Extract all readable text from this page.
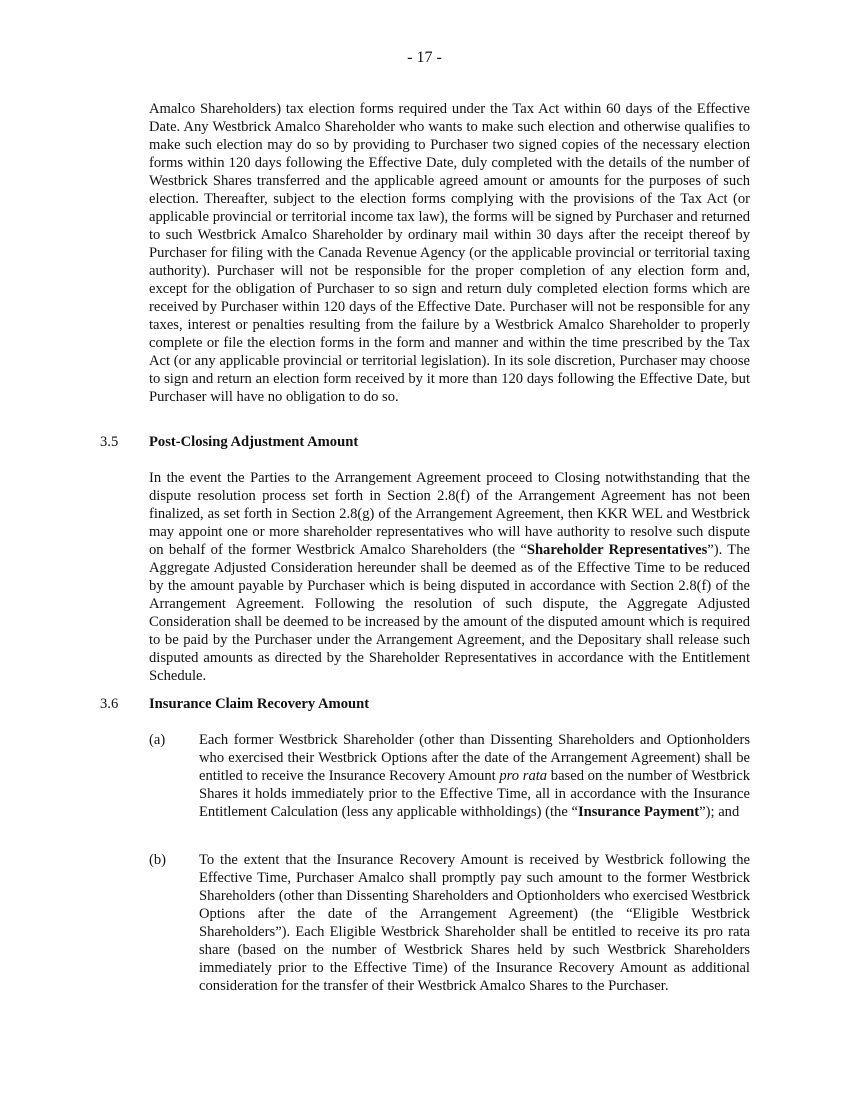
- 17 -
Amalco Shareholders) tax election forms required under the Tax Act within 60 days of the Effective Date. Any Westbrick Amalco Shareholder who wants to make such election and otherwise qualifies to make such election may do so by providing to Purchaser two signed copies of the necessary election forms within 120 days following the Effective Date, duly completed with the details of the number of Westbrick Shares transferred and the applicable agreed amount or amounts for the purposes of such election. Thereafter, subject to the election forms complying with the provisions of the Tax Act (or applicable provincial or territorial income tax law), the forms will be signed by Purchaser and returned to such Westbrick Amalco Shareholder by ordinary mail within 30 days after the receipt thereof by Purchaser for filing with the Canada Revenue Agency (or the applicable provincial or territorial taxing authority). Purchaser will not be responsible for the proper completion of any election form and, except for the obligation of Purchaser to so sign and return duly completed election forms which are received by Purchaser within 120 days of the Effective Date. Purchaser will not be responsible for any taxes, interest or penalties resulting from the failure by a Westbrick Amalco Shareholder to properly complete or file the election forms in the form and manner and within the time prescribed by the Tax Act (or any applicable provincial or territorial legislation). In its sole discretion, Purchaser may choose to sign and return an election form received by it more than 120 days following the Effective Date, but Purchaser will have no obligation to do so.
3.5 Post-Closing Adjustment Amount
In the event the Parties to the Arrangement Agreement proceed to Closing notwithstanding that the dispute resolution process set forth in Section 2.8(f) of the Arrangement Agreement has not been finalized, as set forth in Section 2.8(g) of the Arrangement Agreement, then KKR WEL and Westbrick may appoint one or more shareholder representatives who will have authority to resolve such dispute on behalf of the former Westbrick Amalco Shareholders (the “Shareholder Representatives”). The Aggregate Adjusted Consideration hereunder shall be deemed as of the Effective Time to be reduced by the amount payable by Purchaser which is being disputed in accordance with Section 2.8(f) of the Arrangement Agreement. Following the resolution of such dispute, the Aggregate Adjusted Consideration shall be deemed to be increased by the amount of the disputed amount which is required to be paid by the Purchaser under the Arrangement Agreement, and the Depositary shall release such disputed amounts as directed by the Shareholder Representatives in accordance with the Entitlement Schedule.
3.6 Insurance Claim Recovery Amount
(a) Each former Westbrick Shareholder (other than Dissenting Shareholders and Optionholders who exercised their Westbrick Options after the date of the Arrangement Agreement) shall be entitled to receive the Insurance Recovery Amount pro rata based on the number of Westbrick Shares it holds immediately prior to the Effective Time, all in accordance with the Insurance Entitlement Calculation (less any applicable withholdings) (the “Insurance Payment”); and
(b) To the extent that the Insurance Recovery Amount is received by Westbrick following the Effective Time, Purchaser Amalco shall promptly pay such amount to the former Westbrick Shareholders (other than Dissenting Shareholders and Optionholders who exercised Westbrick Options after the date of the Arrangement Agreement) (the “Eligible Westbrick Shareholders”). Each Eligible Westbrick Shareholder shall be entitled to receive its pro rata share (based on the number of Westbrick Shares held by such Westbrick Shareholders immediately prior to the Effective Time) of the Insurance Recovery Amount as additional consideration for the transfer of their Westbrick Amalco Shares to the Purchaser.
